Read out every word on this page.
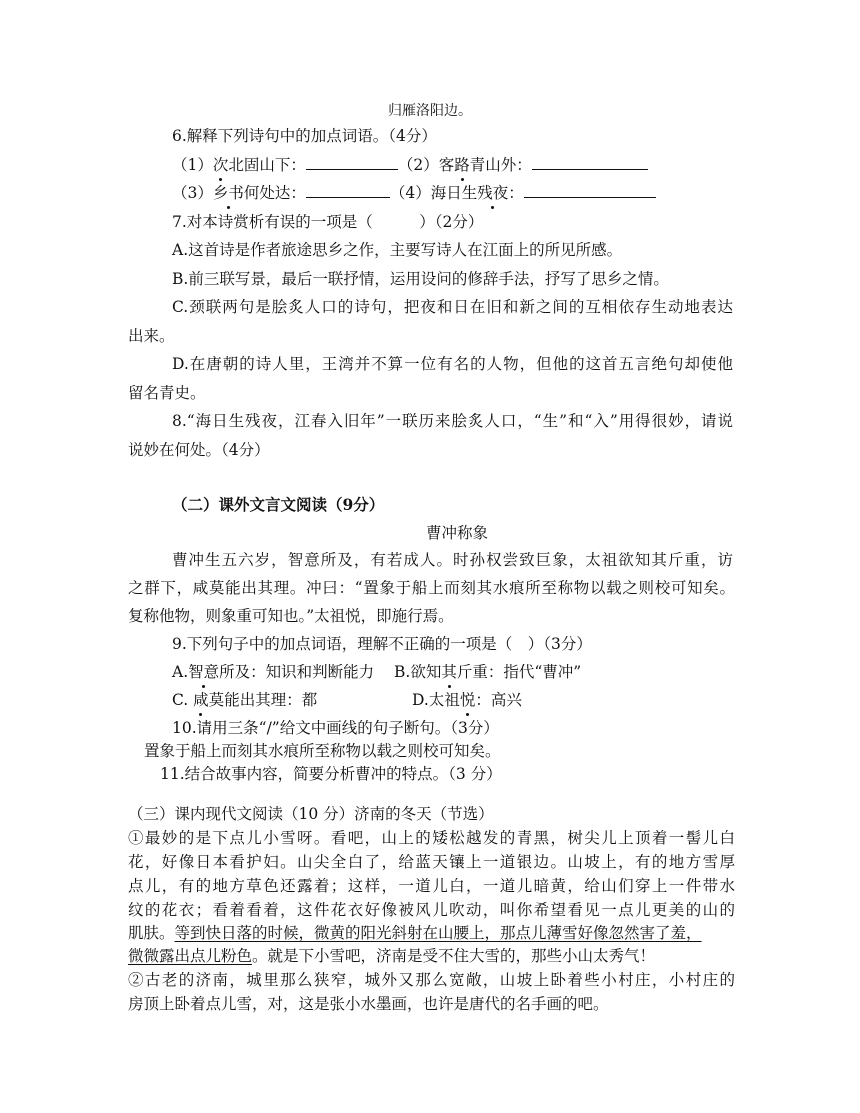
归雁洛阳边。
6.解释下列诗句中的加点词语。（4分）
（1）次北固山下：	（2）客路青山外：
（3）乡书何处达：	（4）海日生残夜：
7.对本诗赏析有误的一项是（　　　）（2分）
A.这首诗是作者旅途思乡之作，主要写诗人在江面上的所见所感。
B.前三联写景，最后一联抒情，运用设问的修辞手法，抒写了思乡之情。
C.颈联两句是脍炙人口的诗句，把夜和日在旧和新之间的互相依存生动地表达
出来。
D.在唐朝的诗人里，王湾并不算一位有名的人物，但他的这首五言绝句却使他
留名青史。
8.“海日生残夜，江春入旧年”一联历来脍炙人口，“生”和“入”用得很妙，请说
说妙在何处。（4分）
（二）课外文言文阅读（9分）
曹冲称象
曹冲生五六岁，智意所及，有若成人。时孙权尝致巨象，太祖欲知其斤重，访
之群下，咸莫能出其理。冲曰：“置象于船上而刻其水痕所至称物以载之则校可知矣。
复称他物，则象重可知也。”太祖悦，即施行焉。
9.下列句子中的加点词语，理解不正确的一项是（　）（3分）
A.智意所及：知识和判断能力 B.欲知其斤重：指代“曹冲”
C. 咸莫能出其理：都	D.太祖悦：高兴
10.请用三条“/”给文中画线的句子断句。（3分）
置象于船上而刻其水痕所至称物以载之则校可知矣。
11.结合故事内容，简要分析曹冲的特点。（3 分）
（三）课内现代文阅读（10 分）济南的冬天（节选）
①最妙的是下点儿小雪呀。看吧，山上的矮松越发的青黑，树尖儿上顶着一髻儿白
花，好像日本看护妇。山尖全白了，给蓝天镶上一道银边。山坡上，有的地方雪厚
点儿，有的地方草色还露着；这样，一道儿白，一道儿暗黄，给山们穿上一件带水
纹的花衣；看着看着，这件花衣好像被风儿吹动，叫你希望看见一点儿更美的山的
肌肤。等到快日落的时候，微黄的阳光斜射在山腰上，那点儿薄雪好像忽然害了羞，
微微露出点儿粉色。就是下小雪吧，济南是受不住大雪的，那些小山太秀气！
②古老的济南，城里那么狭窄，城外又那么宽敞，山坡上卧着些小村庄，小村庄的
房顶上卧着点儿雪，对，这是张小水墨画，也许是唐代的名手画的吧。
